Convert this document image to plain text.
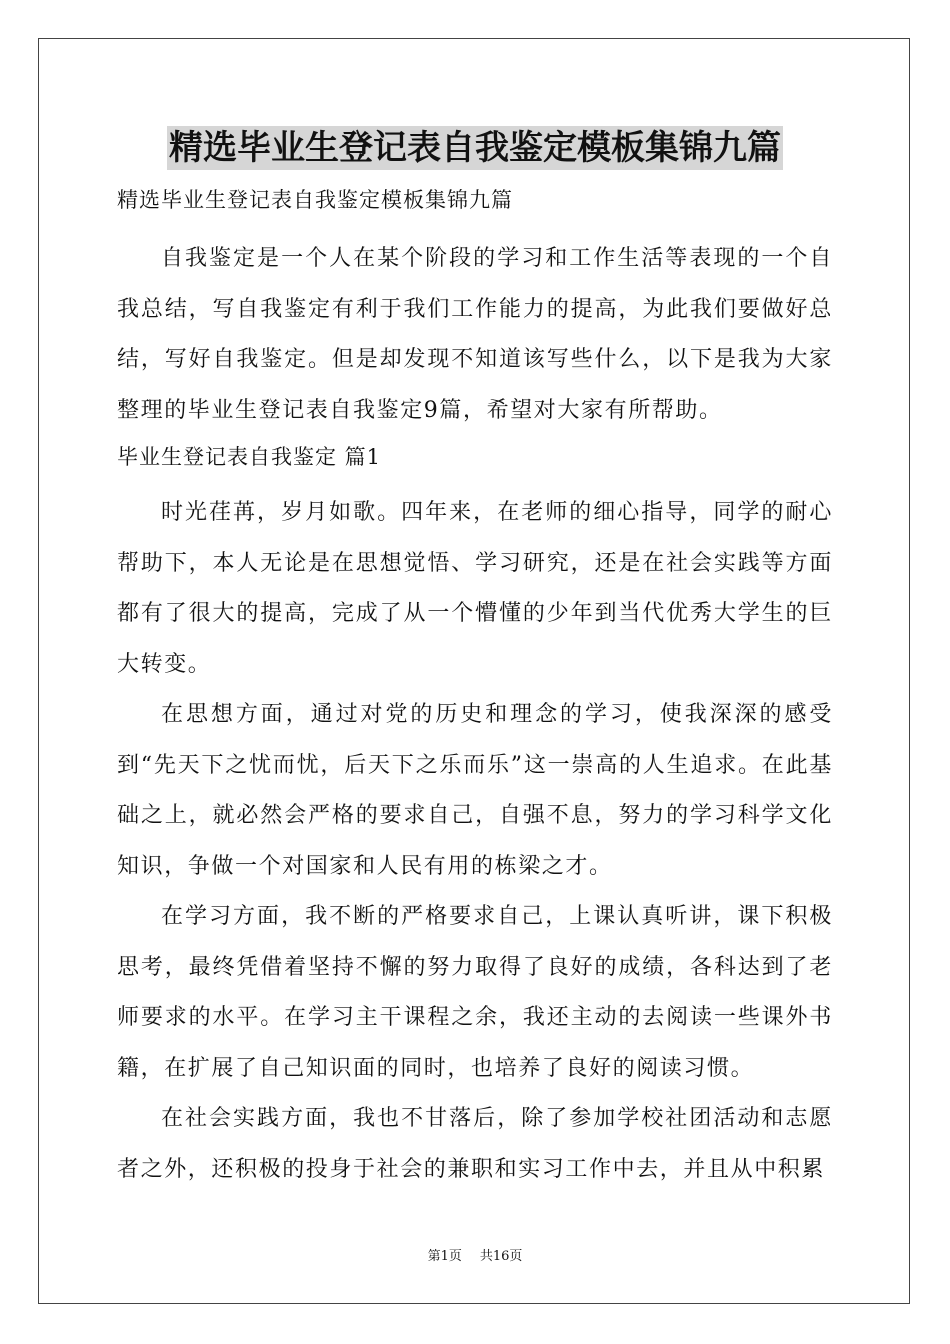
精选毕业生登记表自我鉴定模板集锦九篇

精选毕业生登记表自我鉴定模板集锦九篇

自我鉴定是一个人在某个阶段的学习和工作生活等表现的一个自我总结，写自我鉴定有利于我们工作能力的提高，为此我们要做好总结，写好自我鉴定。但是却发现不知道该写些什么，以下是我为大家整理的毕业生登记表自我鉴定9篇，希望对大家有所帮助。

毕业生登记表自我鉴定 篇1

时光荏苒，岁月如歌。四年来，在老师的细心指导，同学的耐心帮助下，本人无论是在思想觉悟、学习研究，还是在社会实践等方面都有了很大的提高，完成了从一个懵懂的少年到当代优秀大学生的巨大转变。

在思想方面，通过对党的历史和理念的学习，使我深深的感受到“先天下之忧而忧，后天下之乐而乐”这一崇高的人生追求。在此基础之上，就必然会严格的要求自己，自强不息，努力的学习科学文化知识，争做一个对国家和人民有用的栋梁之才。

在学习方面，我不断的严格要求自己，上课认真听讲，课下积极思考，最终凭借着坚持不懈的努力取得了良好的成绩，各科达到了老师要求的水平。在学习主干课程之余，我还主动的去阅读一些课外书籍，在扩展了自己知识面的同时，也培养了良好的阅读习惯。

在社会实践方面，我也不甘落后，除了参加学校社团活动和志愿者之外，还积极的投身于社会的兼职和实习工作中去，并且从中积累

第1页 共16页
